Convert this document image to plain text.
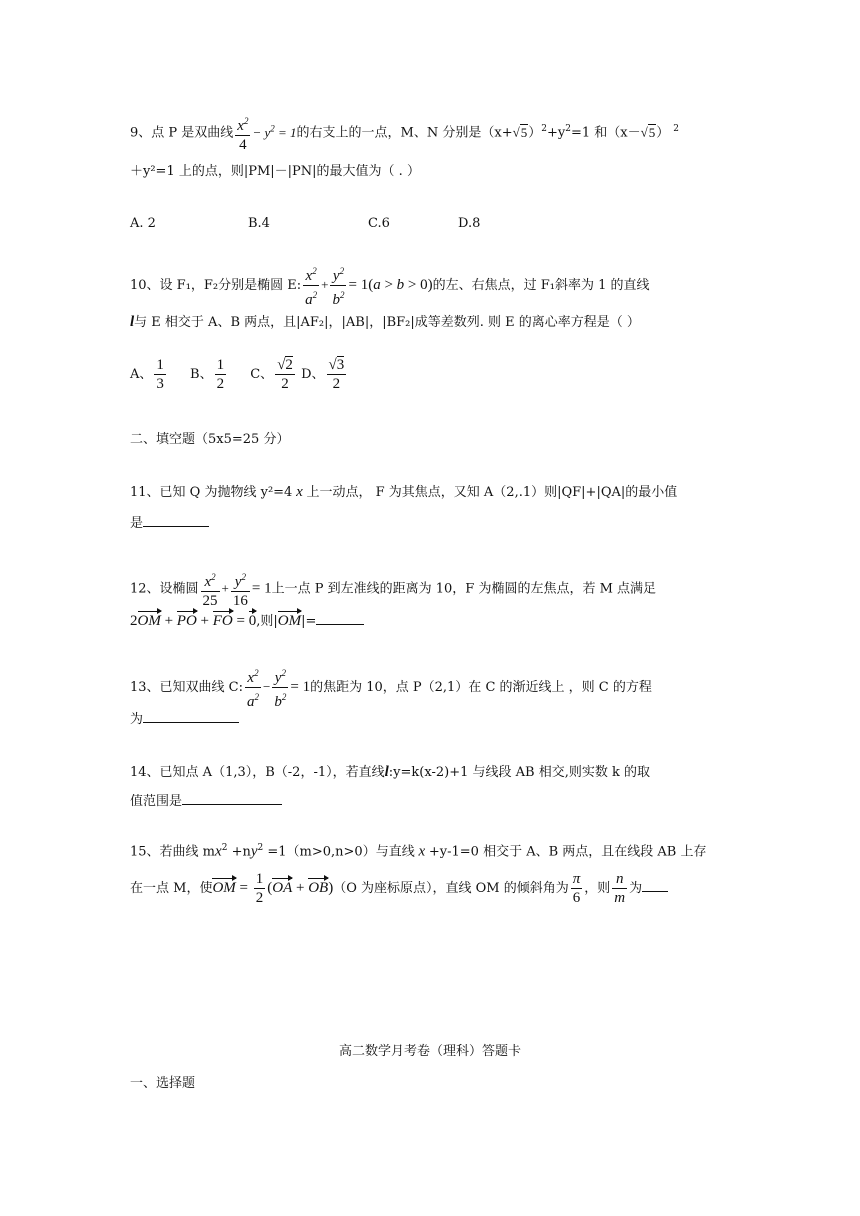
9、点 P 是双曲线 $\frac{x^2}{4} - y^2 = 1$的右支上的一点，M、N 分别是$(x+√5)^2+y^2=1$ 和（x－√5） $^2$
＋y²=1 上的点，则|PM|－|PN|的最大值为（ . ）
A. 2	B.4	C.6	D.8
10、设 F₁，F₂分别是椭圆 E: $\frac{x^2}{a^2} + \frac{y^2}{b^2} = 1(a > b > 0)$的左、右焦点，过 F₁斜率为 1 的直线
l与 E 相交于 A、B 两点，且|AF₂|，|AB|，|BF₂|成等差数列. 则 E 的离心率方程是（ ）
A、 $\frac{1}{3}$ B、 $\frac{1}{2}$ C、 $\frac{√2}{2}$ D、 $\frac{√3}{2}$
二、填空题（5x5=25 分）
11、已知 Q 为抛物线 y²=4 x 上一动点， F 为其焦点，又知 A（2,.1）则|QF|+|QA|的最小值
是
12、设椭圆 $\frac{x^2}{25} + \frac{y^2}{16} = 1$上一点 P 到左准线的距离为 10，F 为椭圆的左焦点，若 M 点满足
2OM + PO + FO = 0,则|OM|=
13、已知双曲线 C: $\frac{x^2}{a^2} - \frac{y^2}{b^2} = 1$的焦距为 10，点 P（2,1）在 C 的渐近线上 ，则 C 的方程
为
14、已知点 A（1,3），B（-2，-1），若直线l:y=k(x-2)+1 与线段 AB 相交,则实数 k 的取
值范围是
15、若曲线 $mx^2 +ny^2 =1(m>0,n>0)$与直线 x +y-1=0 相交于 A、B 两点，且在线段 AB 上存
在一点 M，使OM = $\frac{1}{2} (OA + OB)(O$ 为座标原点），直线 OM 的倾斜角为 $\frac{\pi}{6}$ ，则 $\frac{n}{m}$ 为
高二数学月考卷（理科）答题卡
一、选择题
